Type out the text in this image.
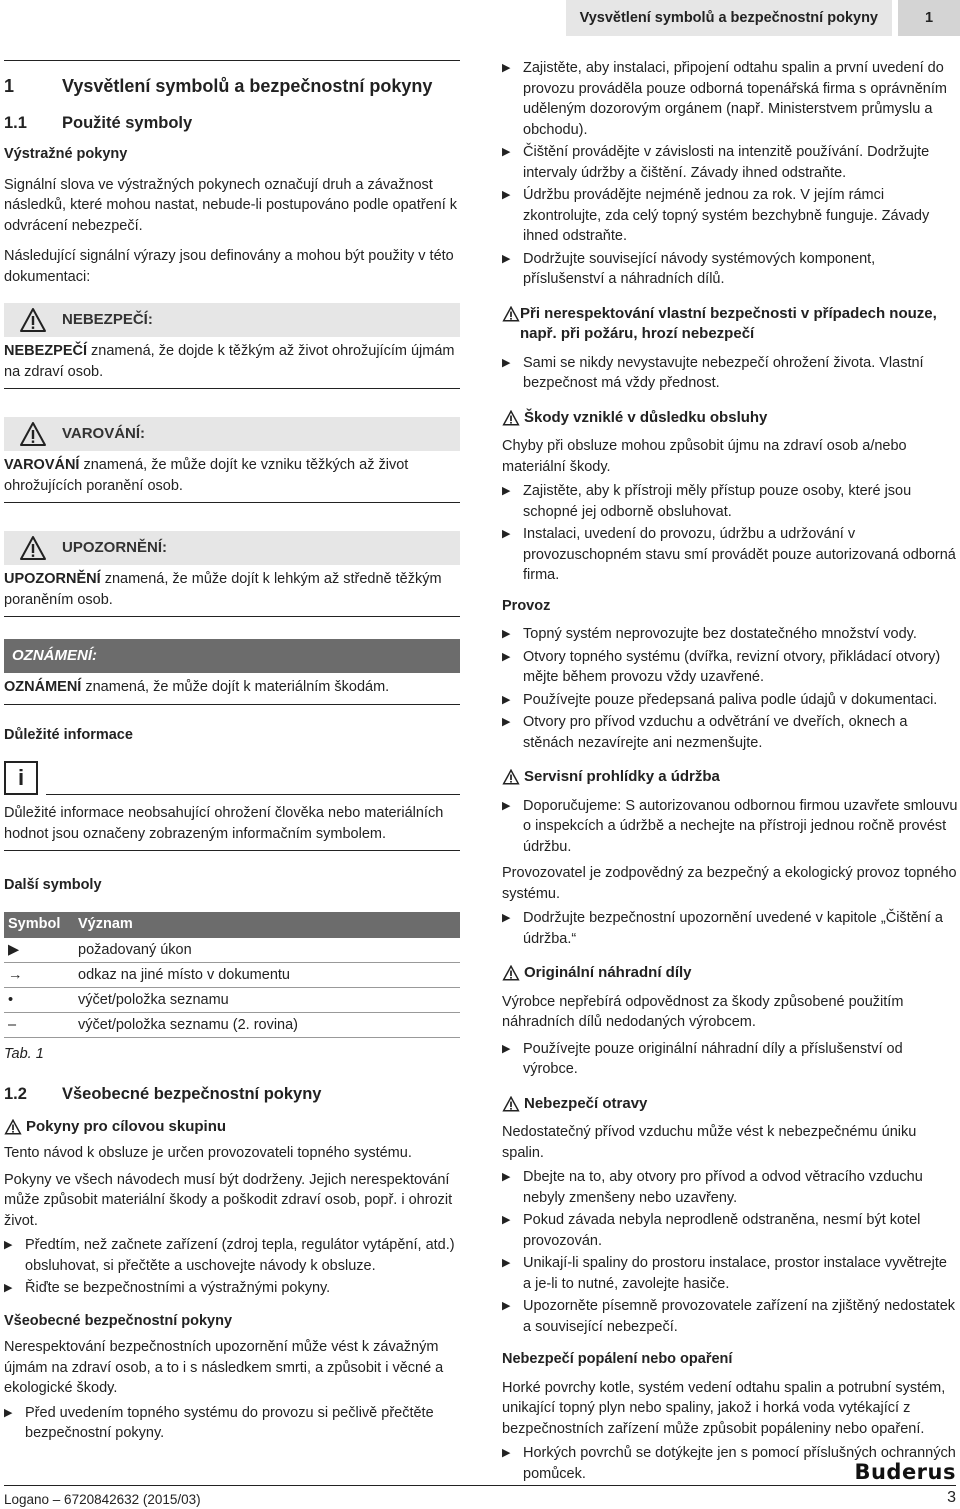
Vysvětlení symbolů a bezpečnostní pokyny	1
1	Vysvětlení symbolů a bezpečnostní pokyny
1.1	Použité symboly
Výstražné pokyny

Signální slova ve výstražných pokynech označují druh a závažnost následků, které mohou nastat, nebude-li postupováno podle opatření k odvrácení nebezpečí.

Následující signální výrazy jsou definovány a mohou být použity v této dokumentaci:

NEBEZPEČÍ:
NEBEZPEČÍ znamená, že dojde k těžkým až život ohrožujícím újmám na zdraví osob.
VAROVÁNÍ:
VAROVÁNÍ znamená, že může dojít ke vzniku těžkých až život ohrožujících poranění osob.
UPOZORNĚNÍ:
UPOZORNĚNÍ znamená, že může dojít k lehkým až středně těžkým poraněním osob.
OZNÁMENÍ:
OZNÁMENÍ znamená, že může dojít k materiálním škodám.
Důležité informace
i
Důležité informace neobsahující ohrožení člověka nebo materiálních hodnot jsou označeny zobrazeným informačním symbolem.
Další symboly
Symbol	Význam
▶	požadovaný úkon
→	odkaz na jiné místo v dokumentu
•	výčet/položka seznamu
–	výčet/položka seznamu (2. rovina)
Tab. 1
1.2	Všeobecné bezpečnostní pokyny
Pokyny pro cílovou skupinu

Tento návod k obsluze je určen provozovateli topného systému.

Pokyny ve všech návodech musí být dodrženy. Jejich nerespektování může způsobit materiální škody a poškodit zdraví osob, popř. i ohrozit život.

▶ Předtím, než začnete zařízení (zdroj tepla, regulátor vytápění, atd.) obsluhovat, si přečtěte a uschovejte návody k obsluze.
▶ Řiďte se bezpečnostními a výstražnými pokyny.
Všeobecné bezpečnostní pokyny

Nerespektování bezpečnostních upozornění může vést k závažným újmám na zdraví osob, a to i s následkem smrti, a způsobit i věcné a ekologické škody.

▶ Před uvedením topného systému do provozu si pečlivě přečtěte bezpečnostní pokyny.
▶ Zajistěte, aby instalaci, připojení odtahu spalin a první uvedení do provozu prováděla pouze odborná topenářská firma s oprávněním uděleným dozorovým orgánem (např. Ministerstvem průmyslu a obchodu).
▶ Čištění provádějte v závislosti na intenzitě používání. Dodržujte intervaly údržby a čištění. Závady ihned odstraňte.
▶ Údržbu provádějte nejméně jednou za rok. V jejím rámci zkontrolujte, zda celý topný systém bezchybně funguje. Závady ihned odstraňte.
▶ Dodržujte související návody systémových komponent, příslušenství a náhradních dílů.
Při nerespektování vlastní bezpečnosti v případech nouze, např. při požáru, hrozí nebezpečí
▶ Sami se nikdy nevystavujte nebezpečí ohrožení života. Vlastní bezpečnost má vždy přednost.
Škody vzniklé v důsledku obsluhy

Chyby při obsluze mohou způsobit újmu na zdraví osob a/nebo materiální škody.

▶ Zajistěte, aby k přístroji měly přístup pouze osoby, které jsou schopné jej odborně obsluhovat.
▶ Instalaci, uvedení do provozu, údržbu a udržování v provozuschopném stavu smí provádět pouze autorizovaná odborná firma.
Provoz
▶ Topný systém neprovozujte bez dostatečného množství vody.
▶ Otvory topného systému (dvířka, revizní otvory, přikládací otvory) mějte během provozu vždy uzavřené.
▶ Používejte pouze předepsaná paliva podle údajů v dokumentaci.
▶ Otvory pro přívod vzduchu a odvětrání ve dveřích, oknech a stěnách nezavírejte ani nezmenšujte.
Servisní prohlídky a údržba
▶ Doporučujeme: S autorizovanou odbornou firmou uzavřete smlouvu o inspekcích a údržbě a nechejte na přístroji jednou ročně provést údržbu.

Provozovatel je zodpovědný za bezpečný a ekologický provoz topného systému.

▶ Dodržujte bezpečnostní upozornění uvedené v kapitole „Čištění a údržba.“
Originální náhradní díly

Výrobce nepřebírá odpovědnost za škody způsobené použitím náhradních dílů nedodaných výrobcem.

▶ Používejte pouze originální náhradní díly a příslušenství od výrobce.
Nebezpečí otravy

Nedostatečný přívod vzduchu může vést k nebezpečnému úniku spalin.

▶ Dbejte na to, aby otvory pro přívod a odvod větracího vzduchu nebyly zmenšeny nebo uzavřeny.
▶ Pokud závada nebyla neprodleně odstraněna, nesmí být kotel provozován.
▶ Unikají-li spaliny do prostoru instalace, prostor instalace vyvětrejte a je-li to nutné, zavolejte hasiče.
▶ Upozorněte písemně provozovatele zařízení na zjištěný nedostatek a související nebezpečí.
Nebezpečí popálení nebo opaření

Horké povrchy kotle, systém vedení odtahu spalin a potrubní systém, unikající topný plyn nebo spaliny, jakož i horká voda vytékající z bezpečnostních zařízení může způsobit popáleniny nebo opaření.

▶ Horkých povrchů se dotýkejte jen s pomocí příslušných ochranných pomůcek.	Buderus
Logano – 6720842632 (2015/03)	3
